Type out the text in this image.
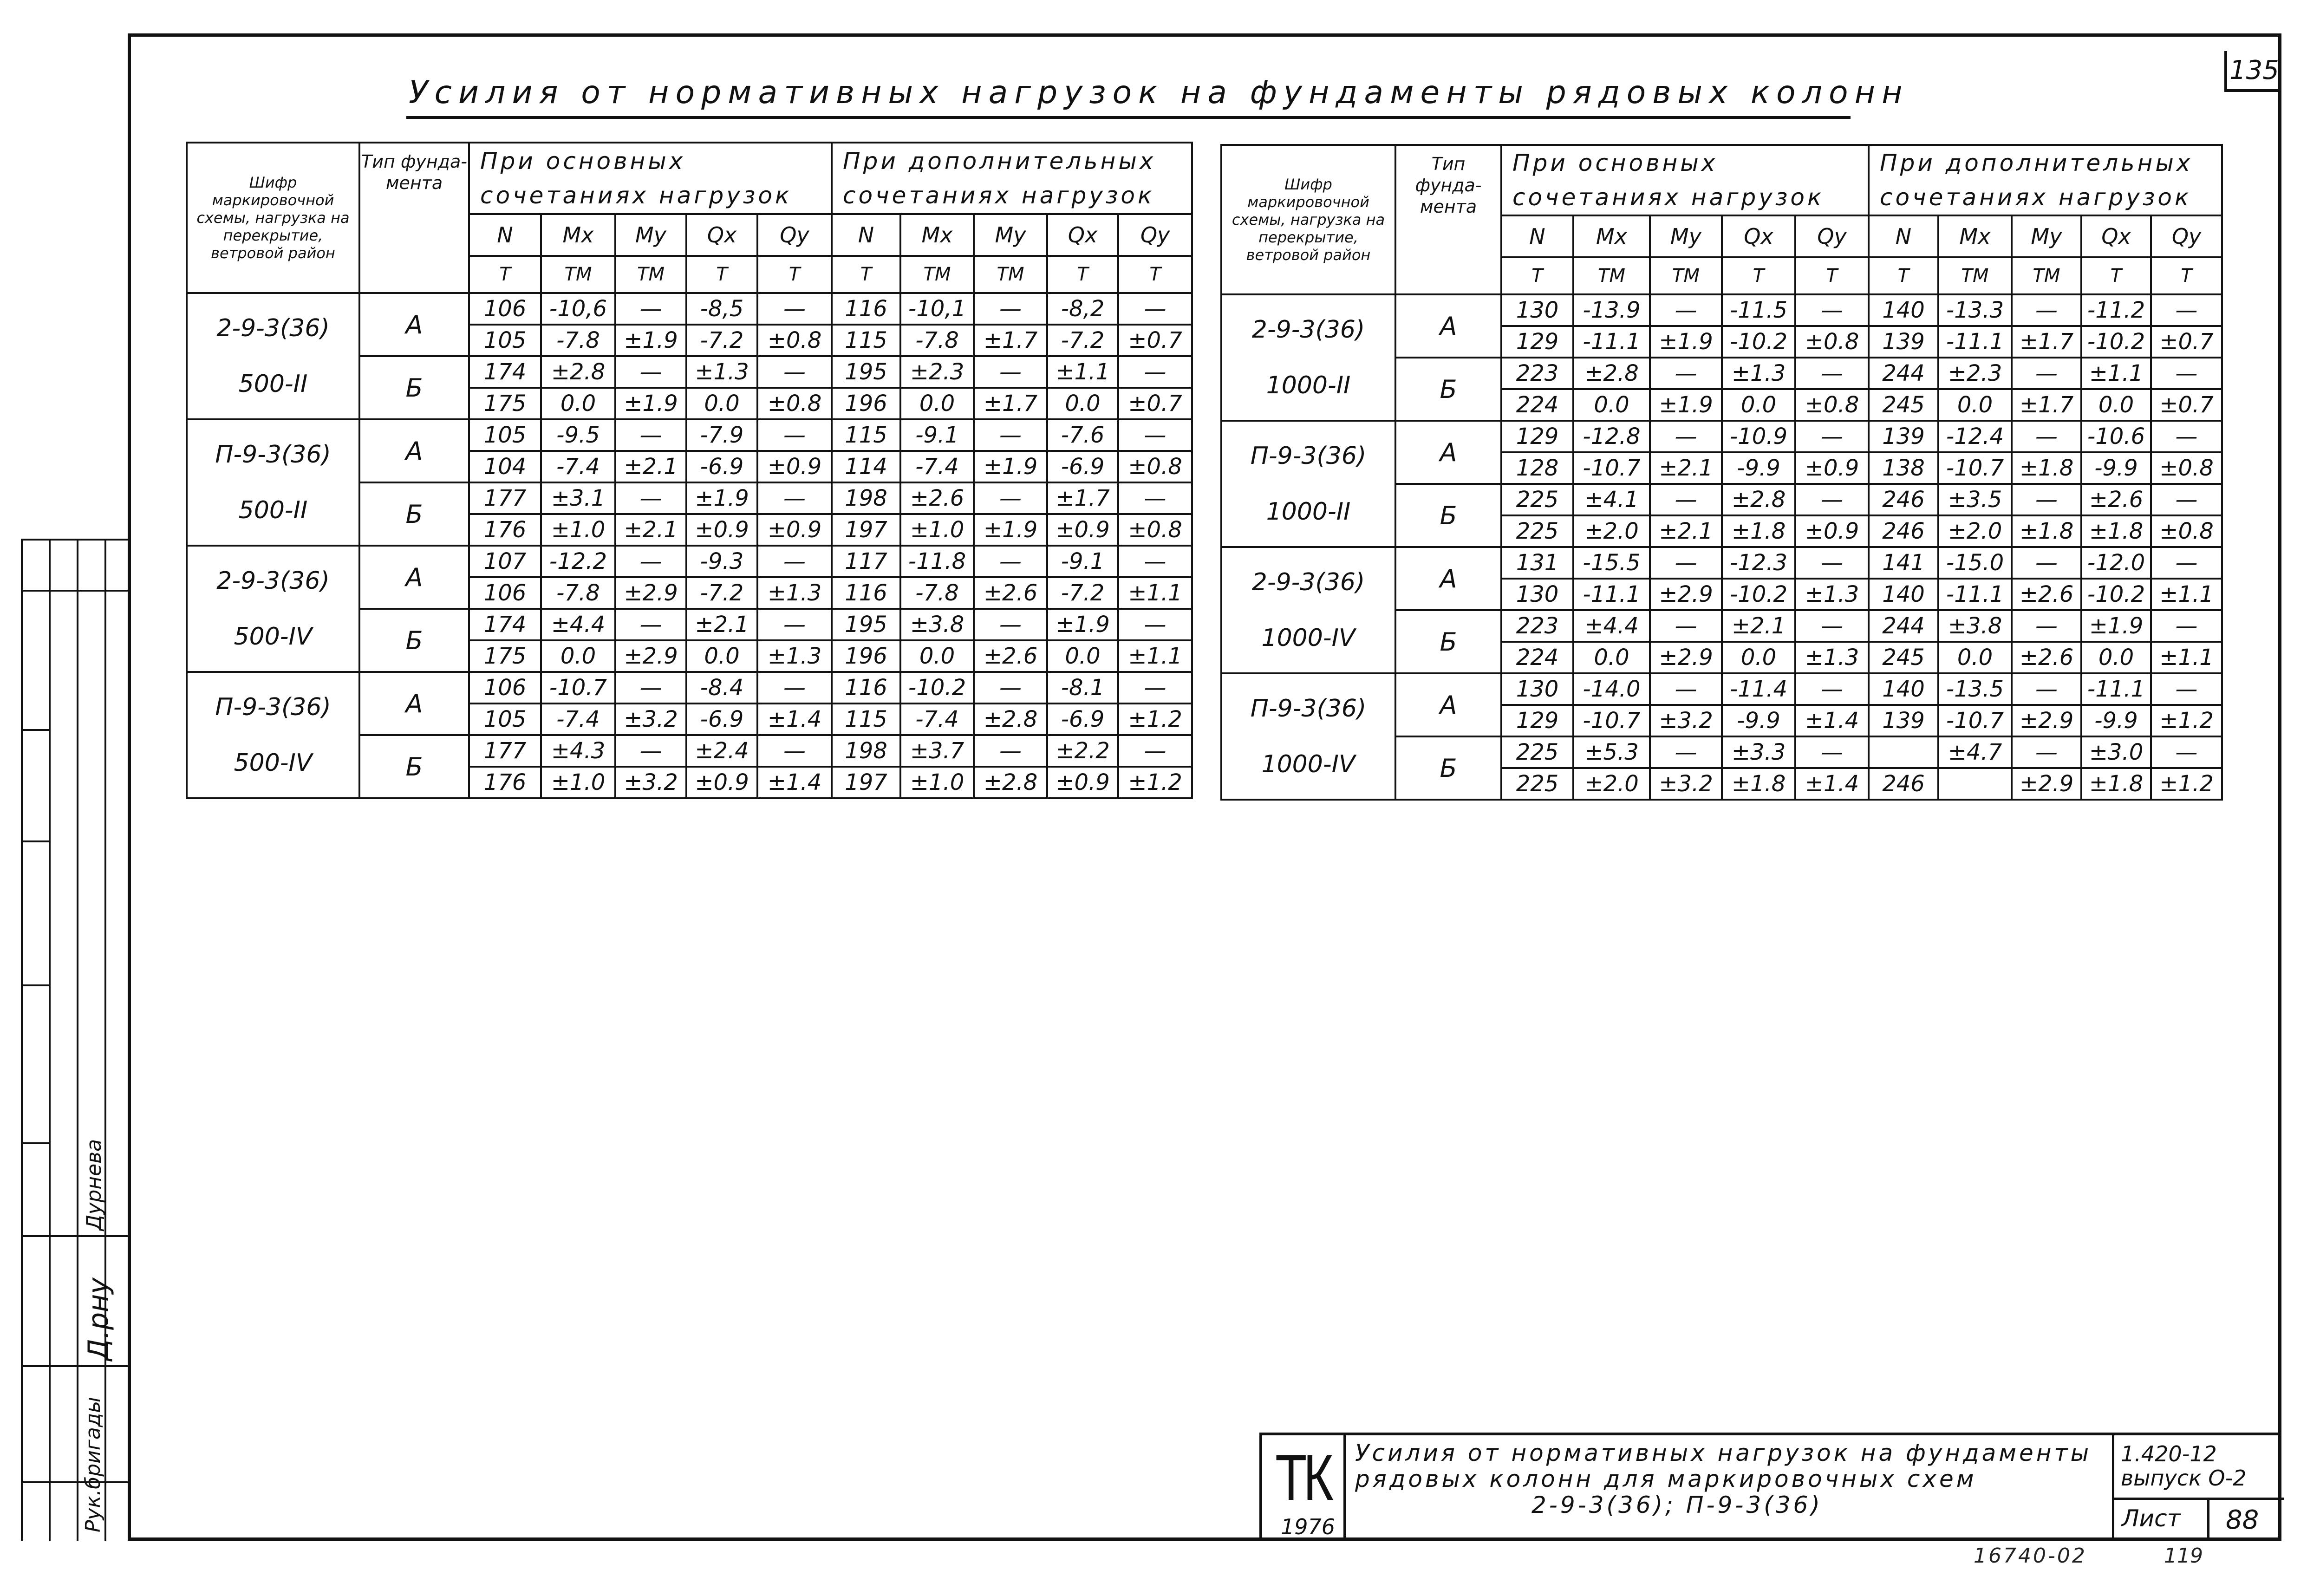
135
Усилия от нормативных нагрузок на фундаменты рядовых колонн
Шифр маркировочной схемы, нагрузка на перекрытие, ветровой район	Тип фунда- мента	При основных сочетаниях нагрузок					При дополнительных сочетаниях нагрузок				
		N	Mx	My	Qx	Qy	N	Mx	My	Qx	Qy
		Т	ТМ	ТМ	Т	Т	Т	ТМ	ТМ	Т	Т

2-9-3(36)
500-II	А	106	-10,6	—	-8,5	—	116	-10,1	—	-8,2	—
		105	-7.8	±1.9	-7.2	±0.8	115	-7.8	±1.7	-7.2	±0.7
	Б	174	±2.8	—	±1.3	—	195	±2.3	—	±1.1	—
		175	0.0	±1.9	0.0	±0.8	196	0.0	±1.7	0.0	±0.7

П-9-3(36)
500-II	А	105	-9.5	—	-7.9	—	115	-9.1	—	-7.6	—
		104	-7.4	±2.1	-6.9	±0.9	114	-7.4	±1.9	-6.9	±0.8
	Б	177	±3.1	—	±1.9	—	198	±2.6	—	±1.7	—
		176	±1.0	±2.1	±0.9	±0.9	197	±1.0	±1.9	±0.9	±0.8

2-9-3(36)
500-IV	А	107	-12.2	—	-9.3	—	117	-11.8	—	-9.1	—
		106	-7.8	±2.9	-7.2	±1.3	116	-7.8	±2.6	-7.2	±1.1
	Б	174	±4.4	—	±2.1	—	195	±3.8	—	±1.9	—
		175	0.0	±2.9	0.0	±1.3	196	0.0	±2.6	0.0	±1.1

П-9-3(36)
500-IV	А	106	-10.7	—	-8.4	—	116	-10.2	—	-8.1	—
		105	-7.4	±3.2	-6.9	±1.4	115	-7.4	±2.8	-6.9	±1.2
	Б	177	±4.3	—	±2.4	—	198	±3.7	—	±2.2	—
		176	±1.0	±3.2	±0.9	±1.4	197	±1.0	±2.8	±0.9	±1.2
Шифр маркировочной схемы, нагрузка на перекрытие, ветровой район	Тип фунда- мента	При основных сочетаниях нагрузок					При дополнительных сочетаниях нагрузок				
		N	Mx	My	Qx	Qy	N	Mx	My	Qx	Qy
		Т	ТМ	ТМ	Т	Т	Т	ТМ	ТМ	Т	Т

2-9-3(36)
1000-II	А	130	-13.9	—	-11.5	—	140	-13.3	—	-11.2	—
		129	-11.1	±1.9	-10.2	±0.8	139	-11.1	±1.7	-10.2	±0.7
	Б	223	±2.8	—	±1.3	—	244	±2.3	—	±1.1	—
		224	0.0	±1.9	0.0	±0.8	245	0.0	±1.7	0.0	±0.7

П-9-3(36)
1000-II	А	129	-12.8	—	-10.9	—	139	-12.4	—	-10.6	—
		128	-10.7	±2.1	-9.9	±0.9	138	-10.7	±1.8	-9.9	±0.8
	Б	225	±4.1	—	±2.8	—	246	±3.5	—	±2.6	—
		225	±2.0	±2.1	±1.8	±0.9	246	±2.0	±1.8	±1.8	±0.8

2-9-3(36)
1000-IV	А	131	-15.5	—	-12.3	—	141	-15.0	—	-12.0	—
		130	-11.1	±2.9	-10.2	±1.3	140	-11.1	±2.6	-10.2	±1.1
	Б	223	±4.4	—	±2.1	—	244	±3.8	—	±1.9	—
		224	0.0	±2.9	0.0	±1.3	245	0.0	±2.6	0.0	±1.1

П-9-3(36)
1000-IV	А	130	-14.0	—	-11.4	—	140	-13.5	—	-11.1	—
		129	-10.7	±3.2	-9.9	±1.4	139	-10.7	±2.9	-9.9	±1.2
	Б	225	±5.3	—	±3.3	—		±4.7	—	±3.0	—
		225	±2.0	±3.2	±1.8	±1.4	246		±2.9	±1.8	±1.2
Рук.бригады
Д.рну
Дурнева
ТК
1976
Усилия от нормативных нагрузок на фундаменты
рядовых колонн для маркировочных схем
2-9-3(36); П-9-3(36)
1.420-12
выпуск О-2
Лист 88
16740-02	119
